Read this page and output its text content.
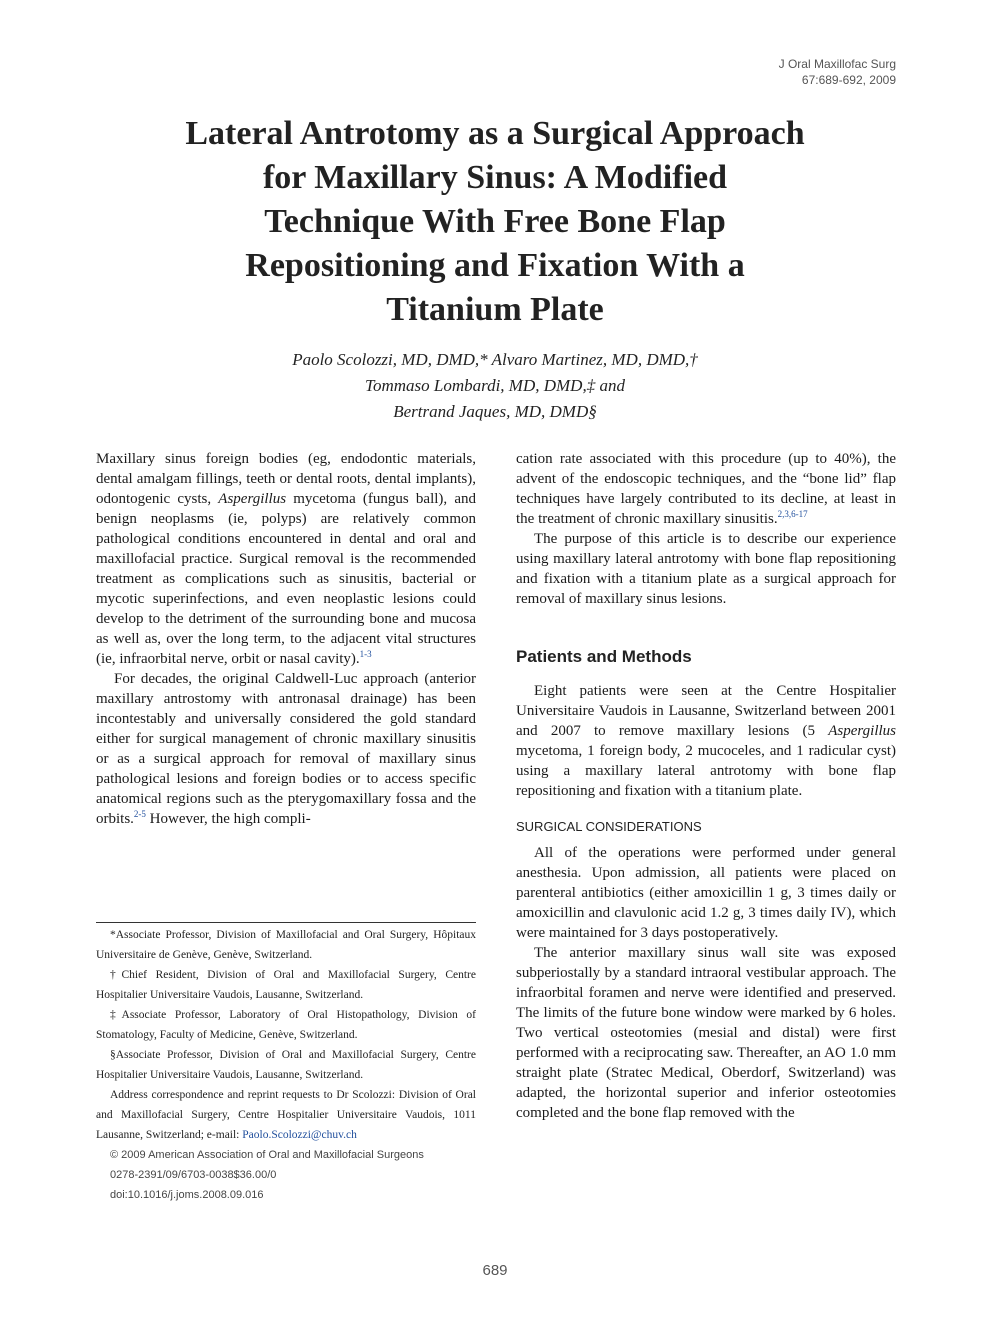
J Oral Maxillofac Surg
67:689-692, 2009
Lateral Antrotomy as a Surgical Approach
for Maxillary Sinus: A Modified
Technique With Free Bone Flap
Repositioning and Fixation With a
Titanium Plate
Paolo Scolozzi, MD, DMD,* Alvaro Martinez, MD, DMD,†
Tommaso Lombardi, MD, DMD,‡ and
Bertrand Jaques, MD, DMD§

Maxillary sinus foreign bodies (eg, endodontic materials, dental amalgam fillings, teeth or dental roots, dental implants), odontogenic cysts, Aspergillus mycetoma (fungus ball), and benign neoplasms (ie, polyps) are relatively common pathological conditions encountered in dental and oral and maxillofacial practice. Surgical removal is the recommended treatment as complications such as sinusitis, bacterial or mycotic superinfections, and even neoplastic lesions could develop to the detriment of the surrounding bone and mucosa as well as, over the long term, to the adjacent vital structures (ie, infraorbital nerve, orbit or nasal cavity).$^{1-3}$

For decades, the original Caldwell-Luc approach (anterior maxillary antrostomy with antronasal drainage) has been incontestably and universally considered the gold standard either for surgical management of chronic maxillary sinusitis or as a surgical approach for removal of maxillary sinus pathological lesions and foreign bodies or to access specific anatomical regions such as the pterygomaxillary fossa and the orbits.$^{2-5}$ However, the high compli-

*Associate Professor, Division of Maxillofacial and Oral Surgery, Hôpitaux Universitaire de Genève, Genève, Switzerland.

†Chief Resident, Division of Oral and Maxillofacial Surgery, Centre Hospitalier Universitaire Vaudois, Lausanne, Switzerland.

‡Associate Professor, Laboratory of Oral Histopathology, Division of Stomatology, Faculty of Medicine, Genève, Switzerland.

§Associate Professor, Division of Oral and Maxillofacial Surgery, Centre Hospitalier Universitaire Vaudois, Lausanne, Switzerland.

Address correspondence and reprint requests to Dr Scolozzi: Division of Oral and Maxillofacial Surgery, Centre Hospitalier Universitaire Vaudois, 1011 Lausanne, Switzerland; e-mail: Paolo.Scolozzi@chuv.ch

© 2009 American Association of Oral and Maxillofacial Surgeons

0278-2391/09/6703-0038$36.00/0

doi:10.1016/j.joms.2008.09.016

cation rate associated with this procedure (up to 40%), the advent of the endoscopic techniques, and the “bone lid” flap techniques have largely contributed to its decline, at least in the treatment of chronic maxillary sinusitis.$^{2,3,6-17}$

The purpose of this article is to describe our experience using maxillary lateral antrotomy with bone flap repositioning and fixation with a titanium plate as a surgical approach for removal of maxillary sinus lesions.

Patients and Methods

Eight patients were seen at the Centre Hospitalier Universitaire Vaudois in Lausanne, Switzerland between 2001 and 2007 to remove maxillary lesions (5 Aspergillus mycetoma, 1 foreign body, 2 mucoceles, and 1 radicular cyst) using a maxillary lateral antrotomy with bone flap repositioning and fixation with a titanium plate.

SURGICAL CONSIDERATIONS

All of the operations were performed under general anesthesia. Upon admission, all patients were placed on parenteral antibiotics (either amoxicillin 1 g, 3 times daily or amoxicillin and clavulonic acid 1.2 g, 3 times daily IV), which were maintained for 3 days postoperatively.

The anterior maxillary sinus wall site was exposed subperiostally by a standard intraoral vestibular approach. The infraorbital foramen and nerve were identified and preserved. The limits of the future bone window were marked by 6 holes. Two vertical osteotomies (mesial and distal) were first performed with a reciprocating saw. Thereafter, an AO 1.0 mm straight plate (Stratec Medical, Oberdorf, Switzerland) was adapted, the horizontal superior and inferior osteotomies completed and the bone flap removed with the

689
